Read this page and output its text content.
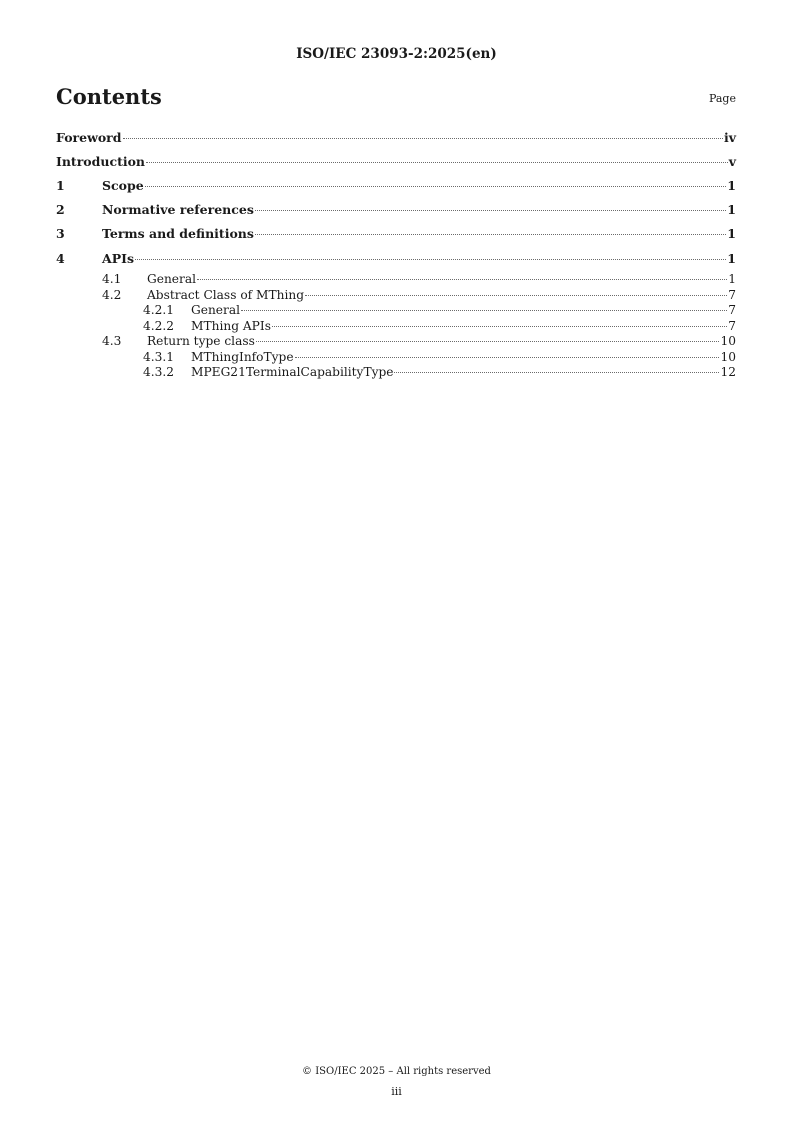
ISO/IEC 23093-2:2025(en)
Contents	Page
Foreword	iv
Introduction	v
1	Scope	1
2	Normative references	1
3	Terms and definitions	1
4	APIs	1
4.1	General	1
4.2	Abstract Class of MThing	7
4.2.1	General	7
4.2.2	MThing APIs	7
4.3	Return type class	10
4.3.1	MThingInfoType	10
4.3.2	MPEG21TerminalCapabilityType	12
© ISO/IEC 2025 – All rights reserved
iii
